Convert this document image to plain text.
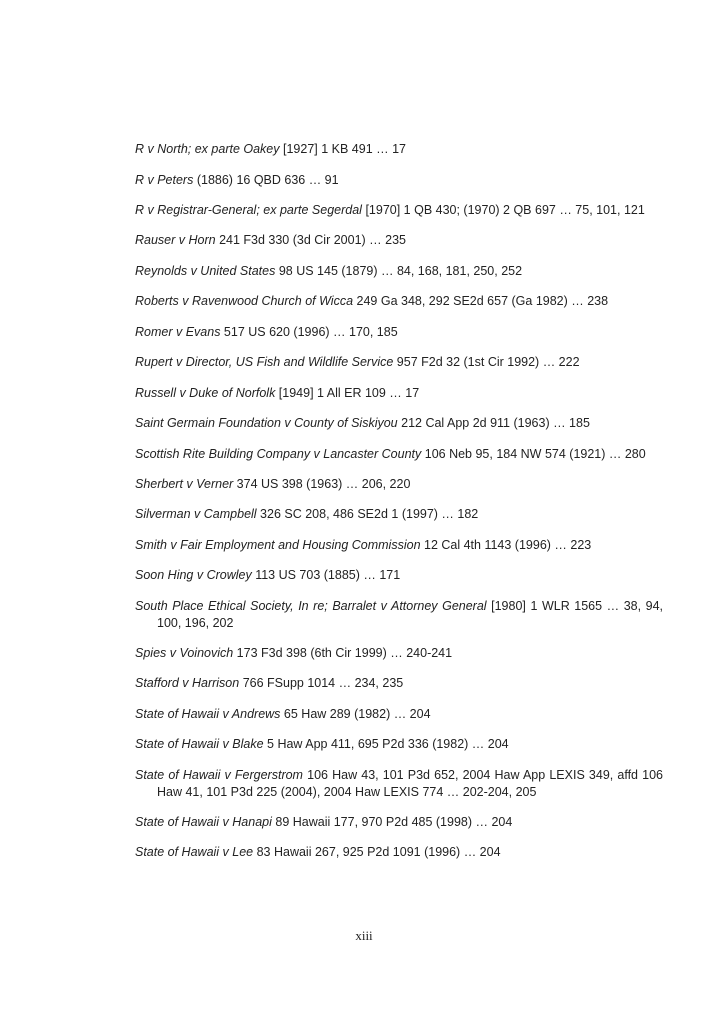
R v North; ex parte Oakey [1927] 1 KB 491 … 17
R v Peters (1886) 16 QBD 636 … 91
R v Registrar-General; ex parte Segerdal [1970] 1 QB 430; (1970) 2 QB 697 … 75, 101, 121
Rauser v Horn 241 F3d 330 (3d Cir 2001) … 235
Reynolds v United States 98 US 145 (1879) … 84, 168, 181, 250, 252
Roberts v Ravenwood Church of Wicca 249 Ga 348, 292 SE2d 657 (Ga 1982) … 238
Romer v Evans 517 US 620 (1996) … 170, 185
Rupert v Director, US Fish and Wildlife Service 957 F2d 32 (1st Cir 1992) … 222
Russell v Duke of Norfolk [1949] 1 All ER 109 … 17
Saint Germain Foundation v County of Siskiyou 212 Cal App 2d 911 (1963) … 185
Scottish Rite Building Company v Lancaster County 106 Neb 95, 184 NW 574 (1921) … 280
Sherbert v Verner 374 US 398 (1963) … 206, 220
Silverman v Campbell 326 SC 208, 486 SE2d 1 (1997) … 182
Smith v Fair Employment and Housing Commission 12 Cal 4th 1143 (1996) … 223
Soon Hing v Crowley 113 US 703 (1885) … 171
South Place Ethical Society, In re; Barralet v Attorney General [1980] 1 WLR 1565 … 38, 94, 100, 196, 202
Spies v Voinovich 173 F3d 398 (6th Cir 1999) … 240-241
Stafford v Harrison 766 FSupp 1014 … 234, 235
State of Hawaii v Andrews 65 Haw 289 (1982) … 204
State of Hawaii v Blake 5 Haw App 411, 695 P2d 336 (1982) … 204
State of Hawaii v Fergerstrom 106 Haw 43, 101 P3d 652, 2004 Haw App LEXIS 349, affd 106 Haw 41, 101 P3d 225 (2004), 2004 Haw LEXIS 774 … 202-204, 205
State of Hawaii v Hanapi 89 Hawaii 177, 970 P2d 485 (1998) … 204
State of Hawaii v Lee 83 Hawaii 267, 925 P2d 1091 (1996) … 204
xiii
